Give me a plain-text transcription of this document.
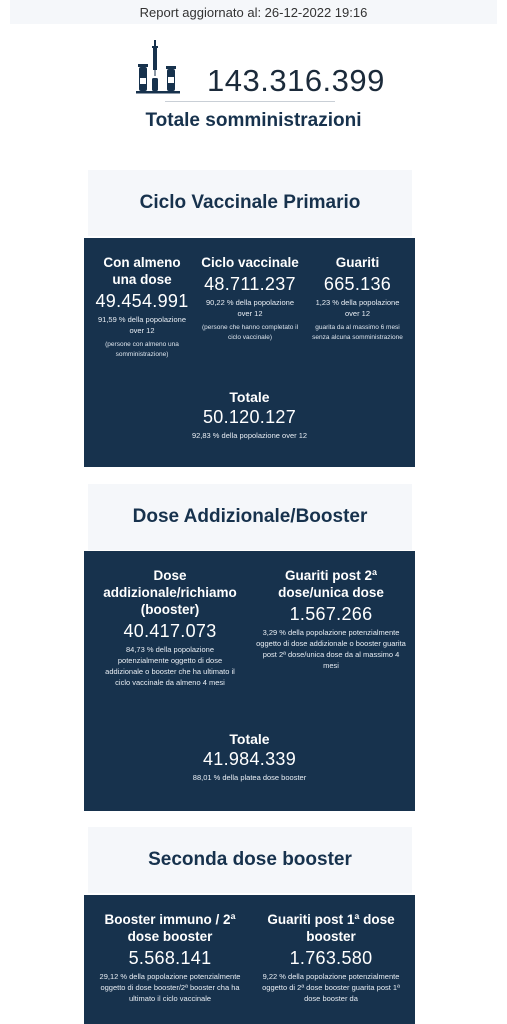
Report aggiornato al: 26-12-2022 19:16
143.316.399
Totale somministrazioni
Ciclo Vaccinale Primario
Con almeno una dose
49.454.991
91,59 % della popolazione over 12
(persone con almeno una somministrazione)
Ciclo vaccinale
48.711.237
90,22 % della popolazione over 12
(persone che hanno completato il ciclo vaccinale)
Guariti
665.136
1,23 % della popolazione over 12
guarita da al massimo 6 mesi senza alcuna somministrazione
Totale
50.120.127
92,83 % della popolazione over 12
Dose Addizionale/Booster
Dose addizionale/richiamo (booster)
40.417.073
84,73 % della popolazione potenzialmente oggetto di dose addizionale o booster che ha ultimato il ciclo vaccinale da almeno 4 mesi
Guariti post 2ª dose/unica dose
1.567.266
3,29 % della popolazione potenzialmente oggetto di dose addizionale o booster guarita post 2ª dose/unica dose da al massimo 4 mesi
Totale
41.984.339
88,01 % della platea dose booster
Seconda dose booster
Booster immuno / 2ª dose booster
5.568.141
29,12 % della popolazione potenzialmente oggetto di dose booster/2ª booster cha ha ultimato il ciclo vaccinale
Guariti post 1ª dose booster
1.763.580
9,22 % della popolazione potenzialmente oggetto di 2ª dose booster guarita post 1ª dose booster da
